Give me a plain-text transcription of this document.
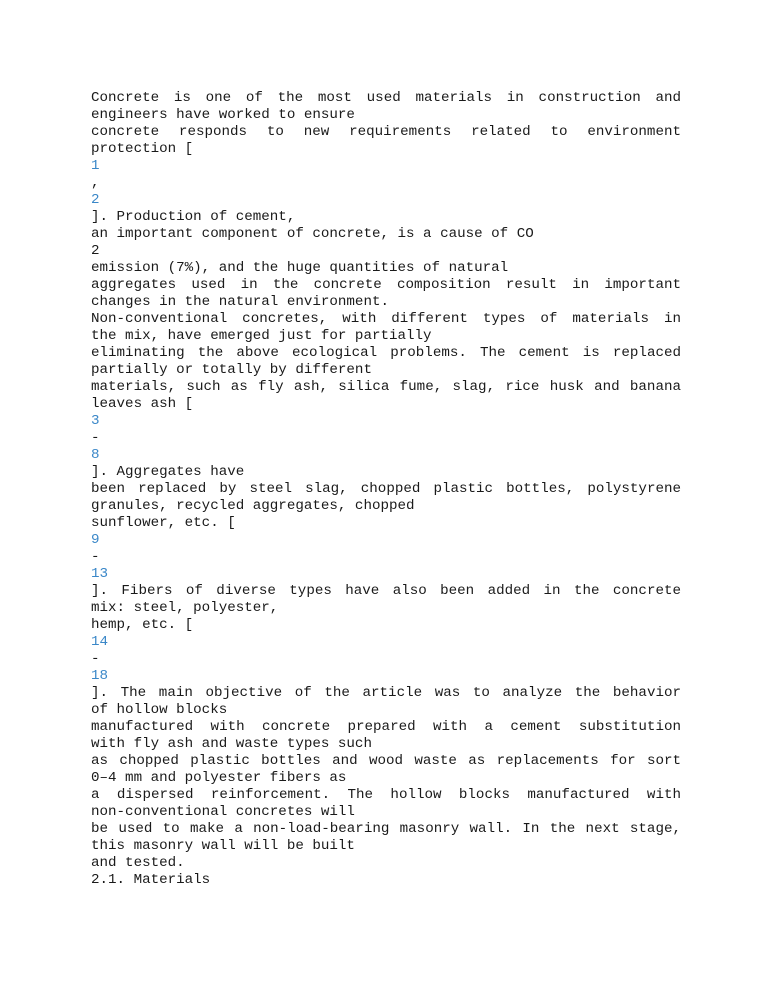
Concrete is one of the most used materials in construction and
engineers have worked to ensure
concrete responds to new requirements related to environment
protection [
1
,
2
]. Production of cement,
an important component of concrete, is a cause of CO
2
emission (7%), and the huge quantities of natural
aggregates used in the concrete composition result in important
changes in the natural environment.
Non-conventional concretes, with different types of materials in
the mix, have emerged just for partially
eliminating the above ecological problems. The cement is replaced
partially or totally by different
materials, such as fly ash, silica fume, slag, rice husk and banana
leaves ash [
3
-
8
]. Aggregates have
been replaced by steel slag, chopped plastic bottles, polystyrene
granules, recycled aggregates, chopped
sunflower, etc. [
9
-
13
]. Fibers of diverse types have also been added in the concrete
mix: steel, polyester,
hemp, etc. [
14
-
18
]. The main objective of the article was to analyze the behavior
of hollow blocks
manufactured with concrete prepared with a cement substitution
with fly ash and waste types such
as chopped plastic bottles and wood waste as replacements for sort
0–4 mm and polyester fibers as
a dispersed reinforcement. The hollow blocks manufactured with
non-conventional concretes will
be used to make a non-load-bearing masonry wall. In the next stage,
this masonry wall will be built
and tested.
2.1. Materials
